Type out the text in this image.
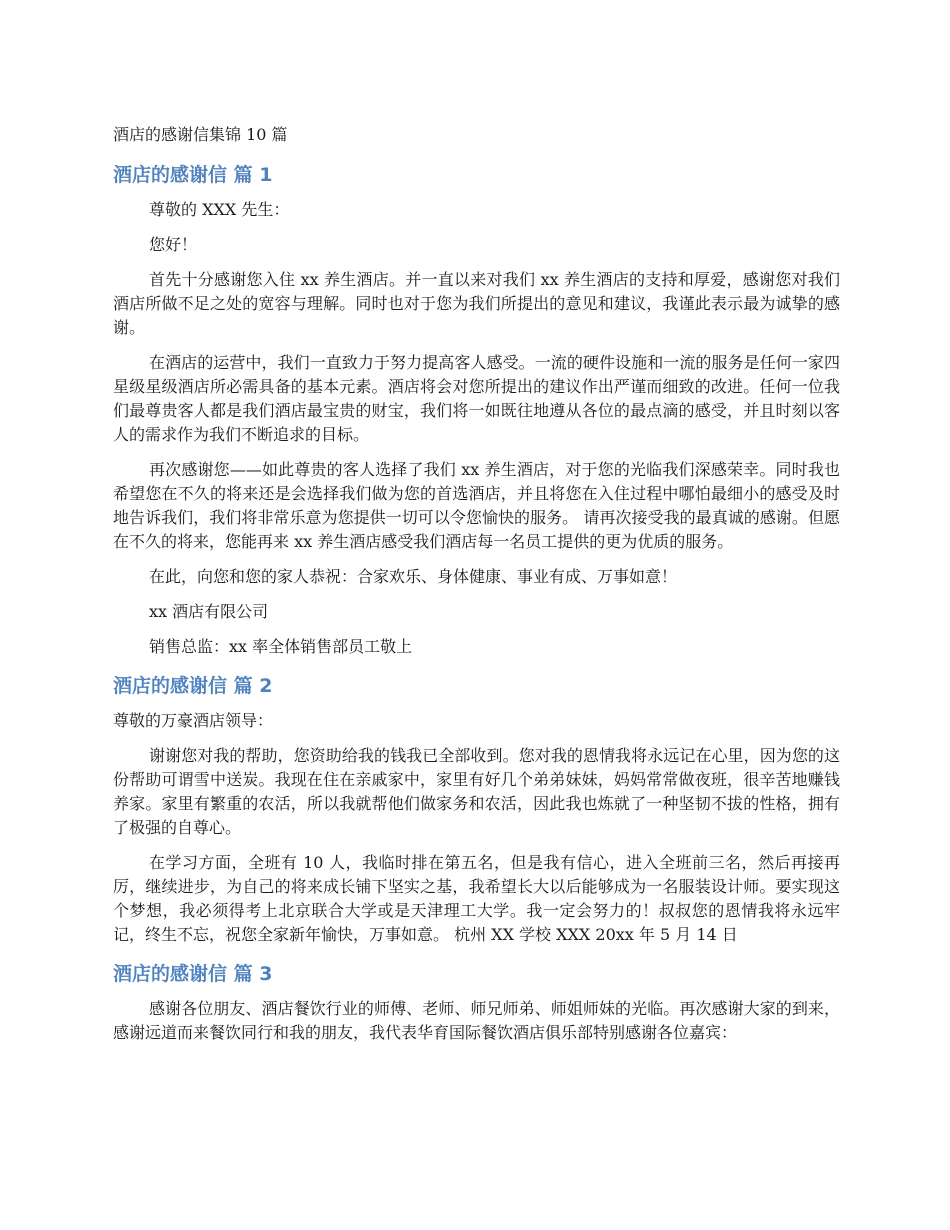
酒店的感谢信集锦 10 篇
酒店的感谢信 篇 1

尊敬的 XXX 先生：

您好！

首先十分感谢您入住 xx 养生酒店。并一直以来对我们 xx 养生酒店的支持和厚爱，感谢您对我们酒店所做不足之处的宽容与理解。同时也对于您为我们所提出的意见和建议，我谨此表示最为诚挚的感谢。

在酒店的运营中，我们一直致力于努力提高客人感受。一流的硬件设施和一流的服务是任何一家四星级星级酒店所必需具备的基本元素。酒店将会对您所提出的建议作出严谨而细致的改进。任何一位我们最尊贵客人都是我们酒店最宝贵的财宝，我们将一如既往地遵从各位的最点滴的感受，并且时刻以客人的需求作为我们不断追求的目标。

再次感谢您——如此尊贵的客人选择了我们 xx 养生酒店，对于您的光临我们深感荣幸。同时我也希望您在不久的将来还是会选择我们做为您的首选酒店，并且将您在入住过程中哪怕最细小的感受及时地告诉我们，我们将非常乐意为您提供一切可以令您愉快的服务。 请再次接受我的最真诚的感谢。但愿在不久的将来，您能再来 xx 养生酒店感受我们酒店每一名员工提供的更为优质的服务。

在此，向您和您的家人恭祝：合家欢乐、身体健康、事业有成、万事如意！

xx 酒店有限公司

销售总监：xx 率全体销售部员工敬上

酒店的感谢信 篇 2

尊敬的万豪酒店领导：

谢谢您对我的帮助，您资助给我的钱我已全部收到。您对我的恩情我将永远记在心里，因为您的这份帮助可谓雪中送炭。我现在住在亲戚家中，家里有好几个弟弟妹妹，妈妈常常做夜班，很辛苦地赚钱养家。家里有繁重的农活，所以我就帮他们做家务和农活，因此我也炼就了一种坚韧不拔的性格，拥有了极强的自尊心。

在学习方面，全班有 10 人，我临时排在第五名，但是我有信心，进入全班前三名，然后再接再厉，继续进步，为自己的将来成长铺下坚实之基，我希望长大以后能够成为一名服装设计师。要实现这个梦想，我必须得考上北京联合大学或是天津理工大学。我一定会努力的！叔叔您的恩情我将永远牢记，终生不忘，祝您全家新年愉快，万事如意。 杭州 XX 学校 XXX 20xx 年 5 月 14 日

酒店的感谢信 篇 3

感谢各位朋友、酒店餐饮行业的师傅、老师、师兄师弟、师姐师妹的光临。再次感谢大家的到来，感谢远道而来餐饮同行和我的朋友，我代表华育国际餐饮酒店俱乐部特别感谢各位嘉宾：
